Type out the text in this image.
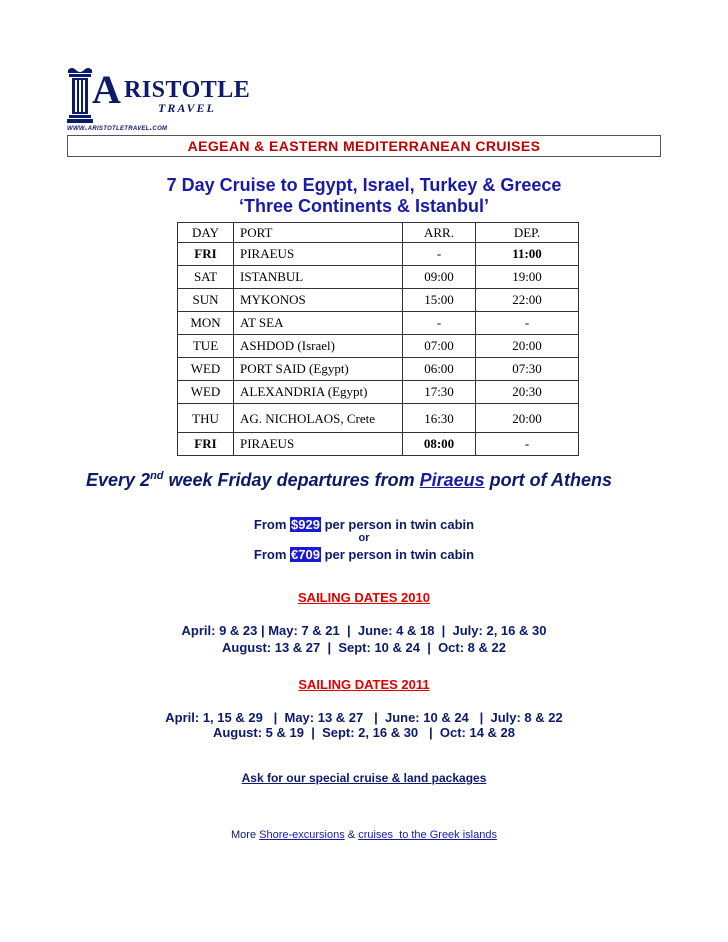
A RISTOTLE
TRAVEL
www.aristotletravel.com
AEGEAN & EASTERN MEDITERRANEAN CRUISES
7 Day Cruise to Egypt, Israel, Turkey & Greece
‘Three Continents & Istanbul’
DAY	PORT	ARR.	DEP.
FRI	PIRAEUS	-	11:00
SAT	ISTANBUL	09:00	19:00
SUN	MYKONOS	15:00	22:00
MON	AT SEA	-	-
TUE	ASHDOD (Israel)	07:00	20:00
WED	PORT SAID (Egypt)	06:00	07:30
WED	ALEXANDRIA (Egypt)	17:30	20:30
THU	AG. NICHOLAOS, Crete	16:30	20:00
FRI	PIRAEUS	08:00	-
Every 2nd week Friday departures from Piraeus port of Athens
From $929 per person in twin cabin
or
From €709 per person in twin cabin
SAILING DATES 2010
April: 9 & 23 | May: 7 & 21  |  June: 4 & 18  |  July: 2, 16 & 30
August: 13 & 27  |  Sept: 10 & 24  |  Oct: 8 & 22
SAILING DATES 2011
April: 1, 15 & 29   |  May: 13 & 27   |  June: 10 & 24   |  July: 8 & 22
August: 5 & 19  |  Sept: 2, 16 & 30   |  Oct: 14 & 28
Ask for our special cruise & land packages
More Shore-excursions & cruises  to the Greek islands
